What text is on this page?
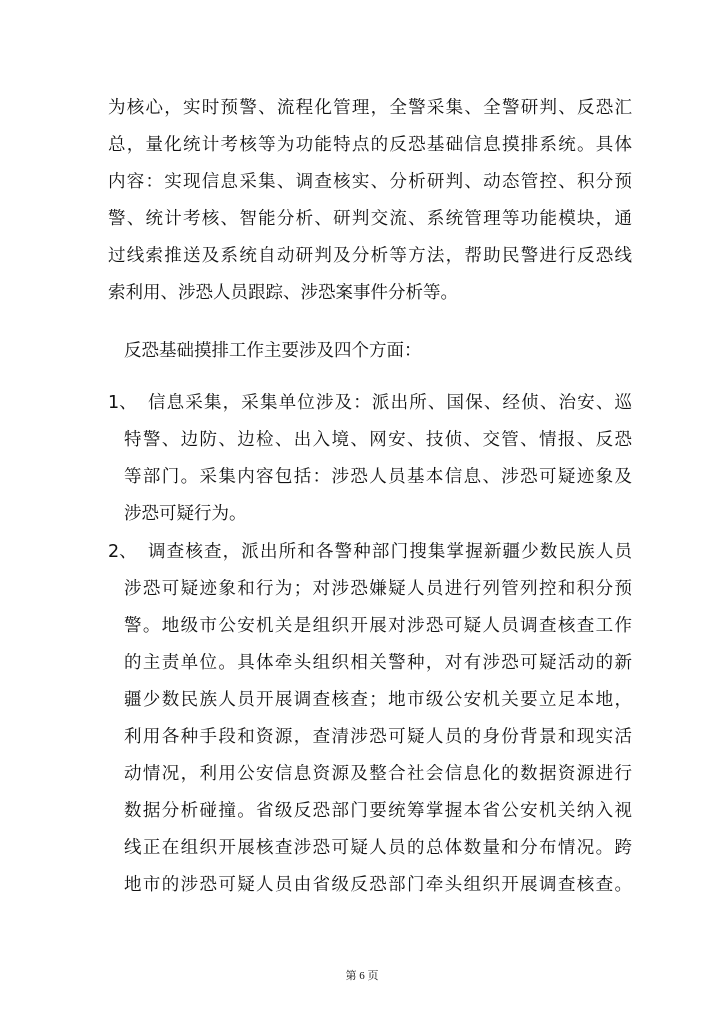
为核心，实时预警、流程化管理，全警采集、全警研判、反恐汇
总，量化统计考核等为功能特点的反恐基础信息摸排系统。具体
内容：实现信息采集、调查核实、分析研判、动态管控、积分预
警、统计考核、智能分析、研判交流、系统管理等功能模块，通
过线索推送及系统自动研判及分析等方法，帮助民警进行反恐线
索利用、涉恐人员跟踪、涉恐案事件分析等。
反恐基础摸排工作主要涉及四个方面：
1、 信息采集，采集单位涉及：派出所、国保、经侦、治安、巡
特警、边防、边检、出入境、网安、技侦、交管、情报、反恐
等部门。采集内容包括：涉恐人员基本信息、涉恐可疑迹象及
涉恐可疑行为。
2、 调查核查，派出所和各警种部门搜集掌握新疆少数民族人员
涉恐可疑迹象和行为；对涉恐嫌疑人员进行列管列控和积分预
警。地级市公安机关是组织开展对涉恐可疑人员调查核查工作
的主责单位。具体牵头组织相关警种，对有涉恐可疑活动的新
疆少数民族人员开展调查核查；地市级公安机关要立足本地，
利用各种手段和资源，查清涉恐可疑人员的身份背景和现实活
动情况，利用公安信息资源及整合社会信息化的数据资源进行
数据分析碰撞。省级反恐部门要统筹掌握本省公安机关纳入视
线正在组织开展核查涉恐可疑人员的总体数量和分布情况。跨
地市的涉恐可疑人员由省级反恐部门牵头组织开展调查核查。
第 6 页
